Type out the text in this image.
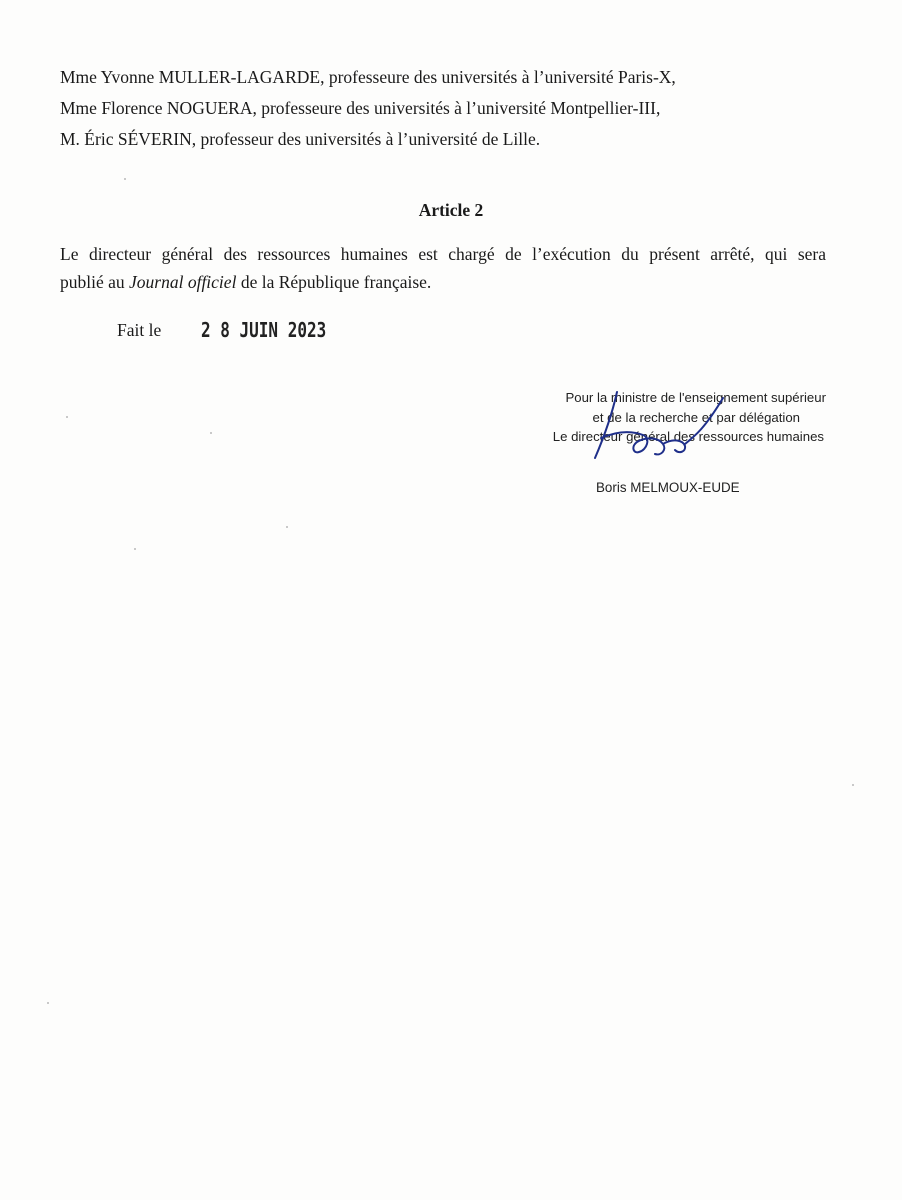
Mme Yvonne MULLER-LAGARDE, professeure des universités à l’université Paris-X,
Mme Florence NOGUERA, professeure des universités à l’université Montpellier-III,
M. Éric SÉVERIN, professeur des universités à l’université de Lille.
Article 2
Le directeur général des ressources humaines est chargé de l’exécution du présent arrêté, qui sera
publié au Journal officiel de la République française.
Fait le 2 8 JUIN 2023
Pour la ministre de l'enseignement supérieur
et de la recherche et par délégation
Le directeur général des ressources humaines
Boris MELMOUX-EUDE
